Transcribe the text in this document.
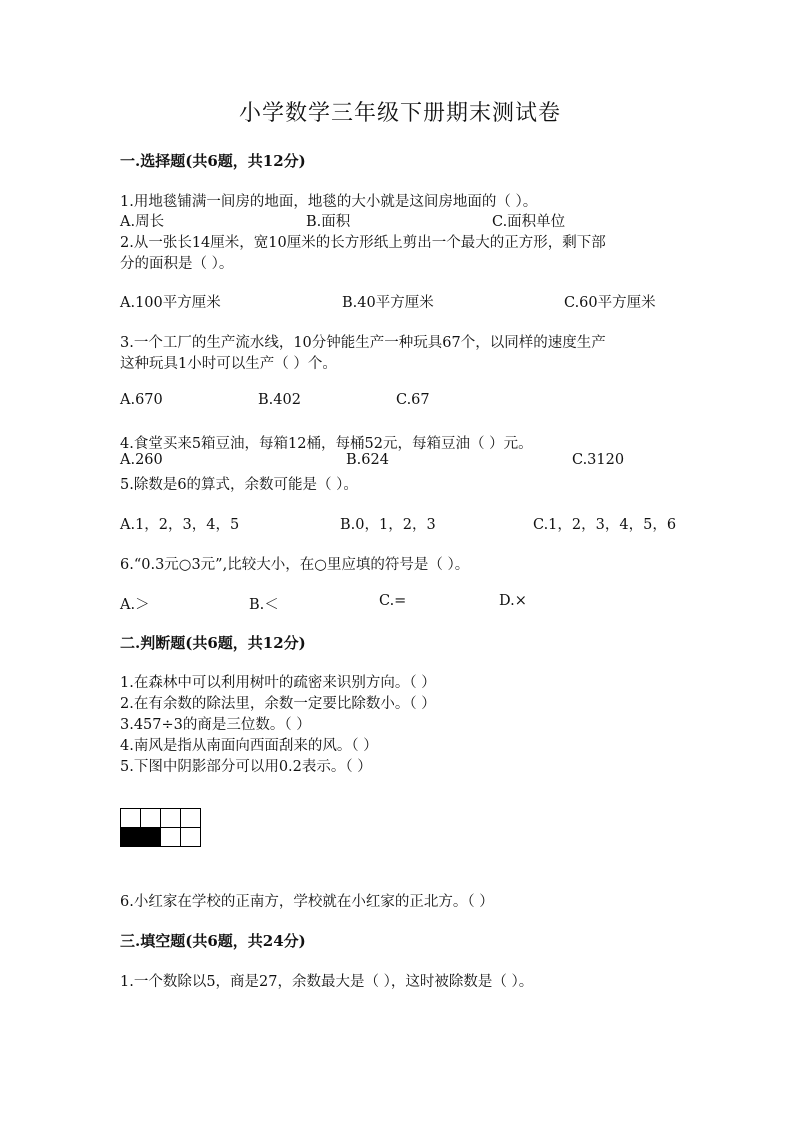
小学数学三年级下册期末测试卷
一.选择题(共6题，共12分)
1.用地毯铺满一间房的地面，地毯的大小就是这间房地面的（ ）。
A.周长	B.面积	C.面积单位
2.从一张长14厘米，宽10厘米的长方形纸上剪出一个最大的正方形，剩下部
分的面积是（ ）。
A.100平方厘米	B.40平方厘米	C.60平方厘米
3.一个工厂的生产流水线，10分钟能生产一种玩具67个，以同样的速度生产
这种玩具1小时可以生产（ ）个。
A.670	B.402	C.67
4.食堂买来5箱豆油，每箱12桶，每桶52元，每箱豆油（ ）元。
A.260	B.624	C.3120
5.除数是6的算式，余数可能是（ ）。
A.1，2，3，4，5	B.0，1，2，3	C.1，2，3，4，5，6
6.“0.3元○3元”,比较大小，在○里应填的符号是（ ）。
A.＞	B.＜	C.=	D.×
二.判断题(共6题，共12分)
1.在森林中可以利用树叶的疏密来识别方向。（ ）
2.在有余数的除法里，余数一定要比除数小。（ ）
3.457÷3的商是三位数。（ ）
4.南风是指从南面向西面刮来的风。（ ）
5.下图中阴影部分可以用0.2表示。（ ）

6.小红家在学校的正南方，学校就在小红家的正北方。（ ）
三.填空题(共6题，共24分)
1.一个数除以5，商是27，余数最大是（ ），这时被除数是（ ）。
